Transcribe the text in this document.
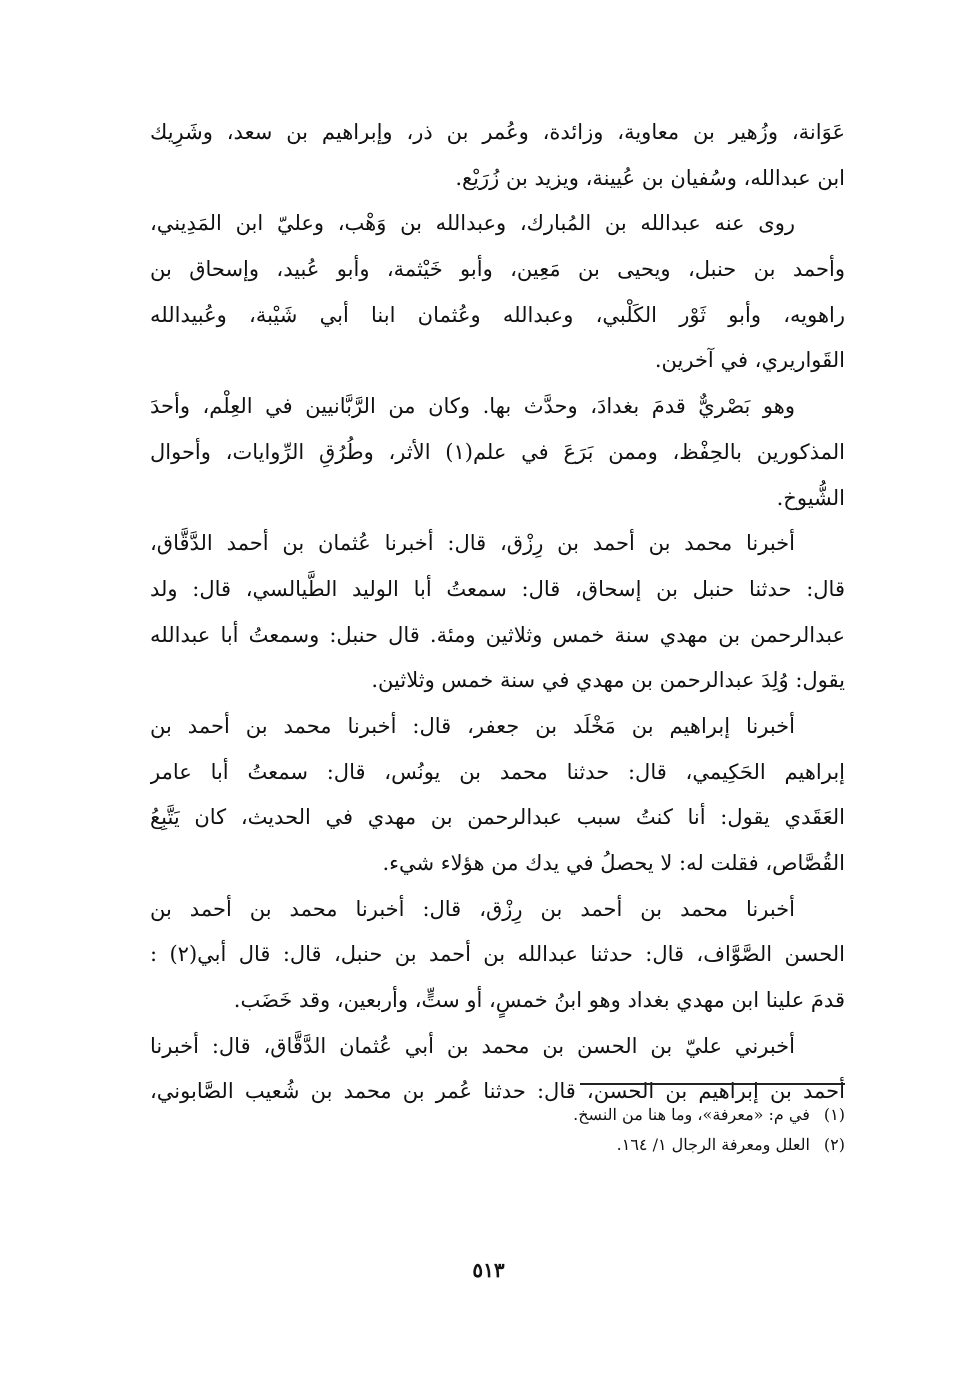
عَوَانة، وزُهير بن معاوية، وزائدة، وعُمر بن ذر، وإبراهيم بن سعد، وشَرِيك
ابن عبدالله، وسُفيان بن عُيينة، ويزيد بن زُرَيْع.
روى عنه عبدالله بن المُبارك، وعبدالله بن وَهْب، وعليّ ابن المَدِيني،
وأحمد بن حنبل، ويحيى بن مَعِين، وأبو خَيْثمة، وأبو عُبيد، وإسحاق بن
راهويه، وأبو ثَوْر الكَلْبي، وعبدالله وعُثمان ابنا أبي شَيْبة، وعُبيدالله
القَواريري، في آخرين.
وهو بَصْريٌّ قدمَ بغدادَ، وحدَّث بها. وكان من الرَّبَّانيين في العِلْم، وأحدَ
المذكورين بالحِفْظ، وممن بَرَعَ في علم(١) الأثر، وطُرُقِ الرِّوايات، وأحوال
الشُّيوخ.
أخبرنا محمد بن أحمد بن رِزْق، قال: أخبرنا عُثمان بن أحمد الدَّقَّاق،
قال: حدثنا حنبل بن إسحاق، قال: سمعتُ أبا الوليد الطَّيالسي، قال: ولد
عبدالرحمن بن مهدي سنة خمس وثلاثين ومئة. قال حنبل: وسمعتُ أبا عبدالله
يقول: وُلِدَ عبدالرحمن بن مهدي في سنة خمس وثلاثين.
أخبرنا إبراهيم بن مَخْلَد بن جعفر، قال: أخبرنا محمد بن أحمد بن
إبراهيم الحَكِيمي، قال: حدثنا محمد بن يونُس، قال: سمعتُ أبا عامر
العَقَدي يقول: أنا كنتُ سبب عبدالرحمن بن مهدي في الحديث، كان يَتَّبِعُ
القُصَّاص، فقلت له: لا يحصلُ في يدك من هؤلاء شيء.
أخبرنا محمد بن أحمد بن رِزْق، قال: أخبرنا محمد بن أحمد بن
الحسن الصَّوَّاف، قال: حدثنا عبدالله بن أحمد بن حنبل، قال: قال أبي(٢) :
قدمَ علينا ابن مهدي بغداد وهو ابنُ خمسٍ، أو ستٍّ، وأربعين، وقد خَضَب.
أخبرني عليّ بن الحسن بن محمد بن أبي عُثمان الدَّقَّاق، قال: أخبرنا
أحمد بن إبراهيم بن الحسن، قال: حدثنا عُمر بن محمد بن شُعيب الصَّابوني،
(١)في م: «معرفة»، وما هنا من النسخ.
(٢)العلل ومعرفة الرجال ١/ ١٦٤.
٥١٣
